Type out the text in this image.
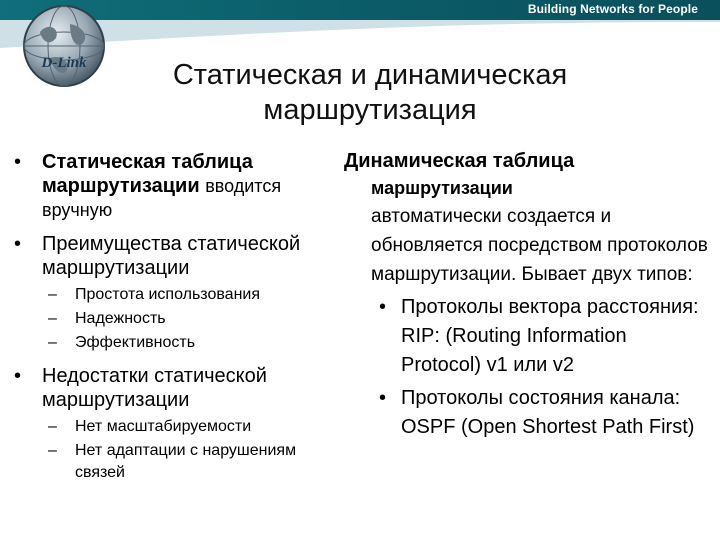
Building Networks for People
D-Link	Статическая и динамическая маршрутизация
• Статическая таблица маршрутизации вводится вручную
• Преимущества статической маршрутизации
– Простота использования
– Надежность
– Эффективность
• Недостатки статической маршрутизации
– Нет масштабируемости
– Нет адаптации с нарушениям связей
Динамическая таблица
маршрутизации
автоматически создается и обновляется посредством протоколов маршрутизации. Бывает двух типов:
• Протоколы вектора расстояния: RIP: (Routing Information Protocol) v1 или v2
• Протоколы состояния канала: OSPF (Open Shortest Path First)
